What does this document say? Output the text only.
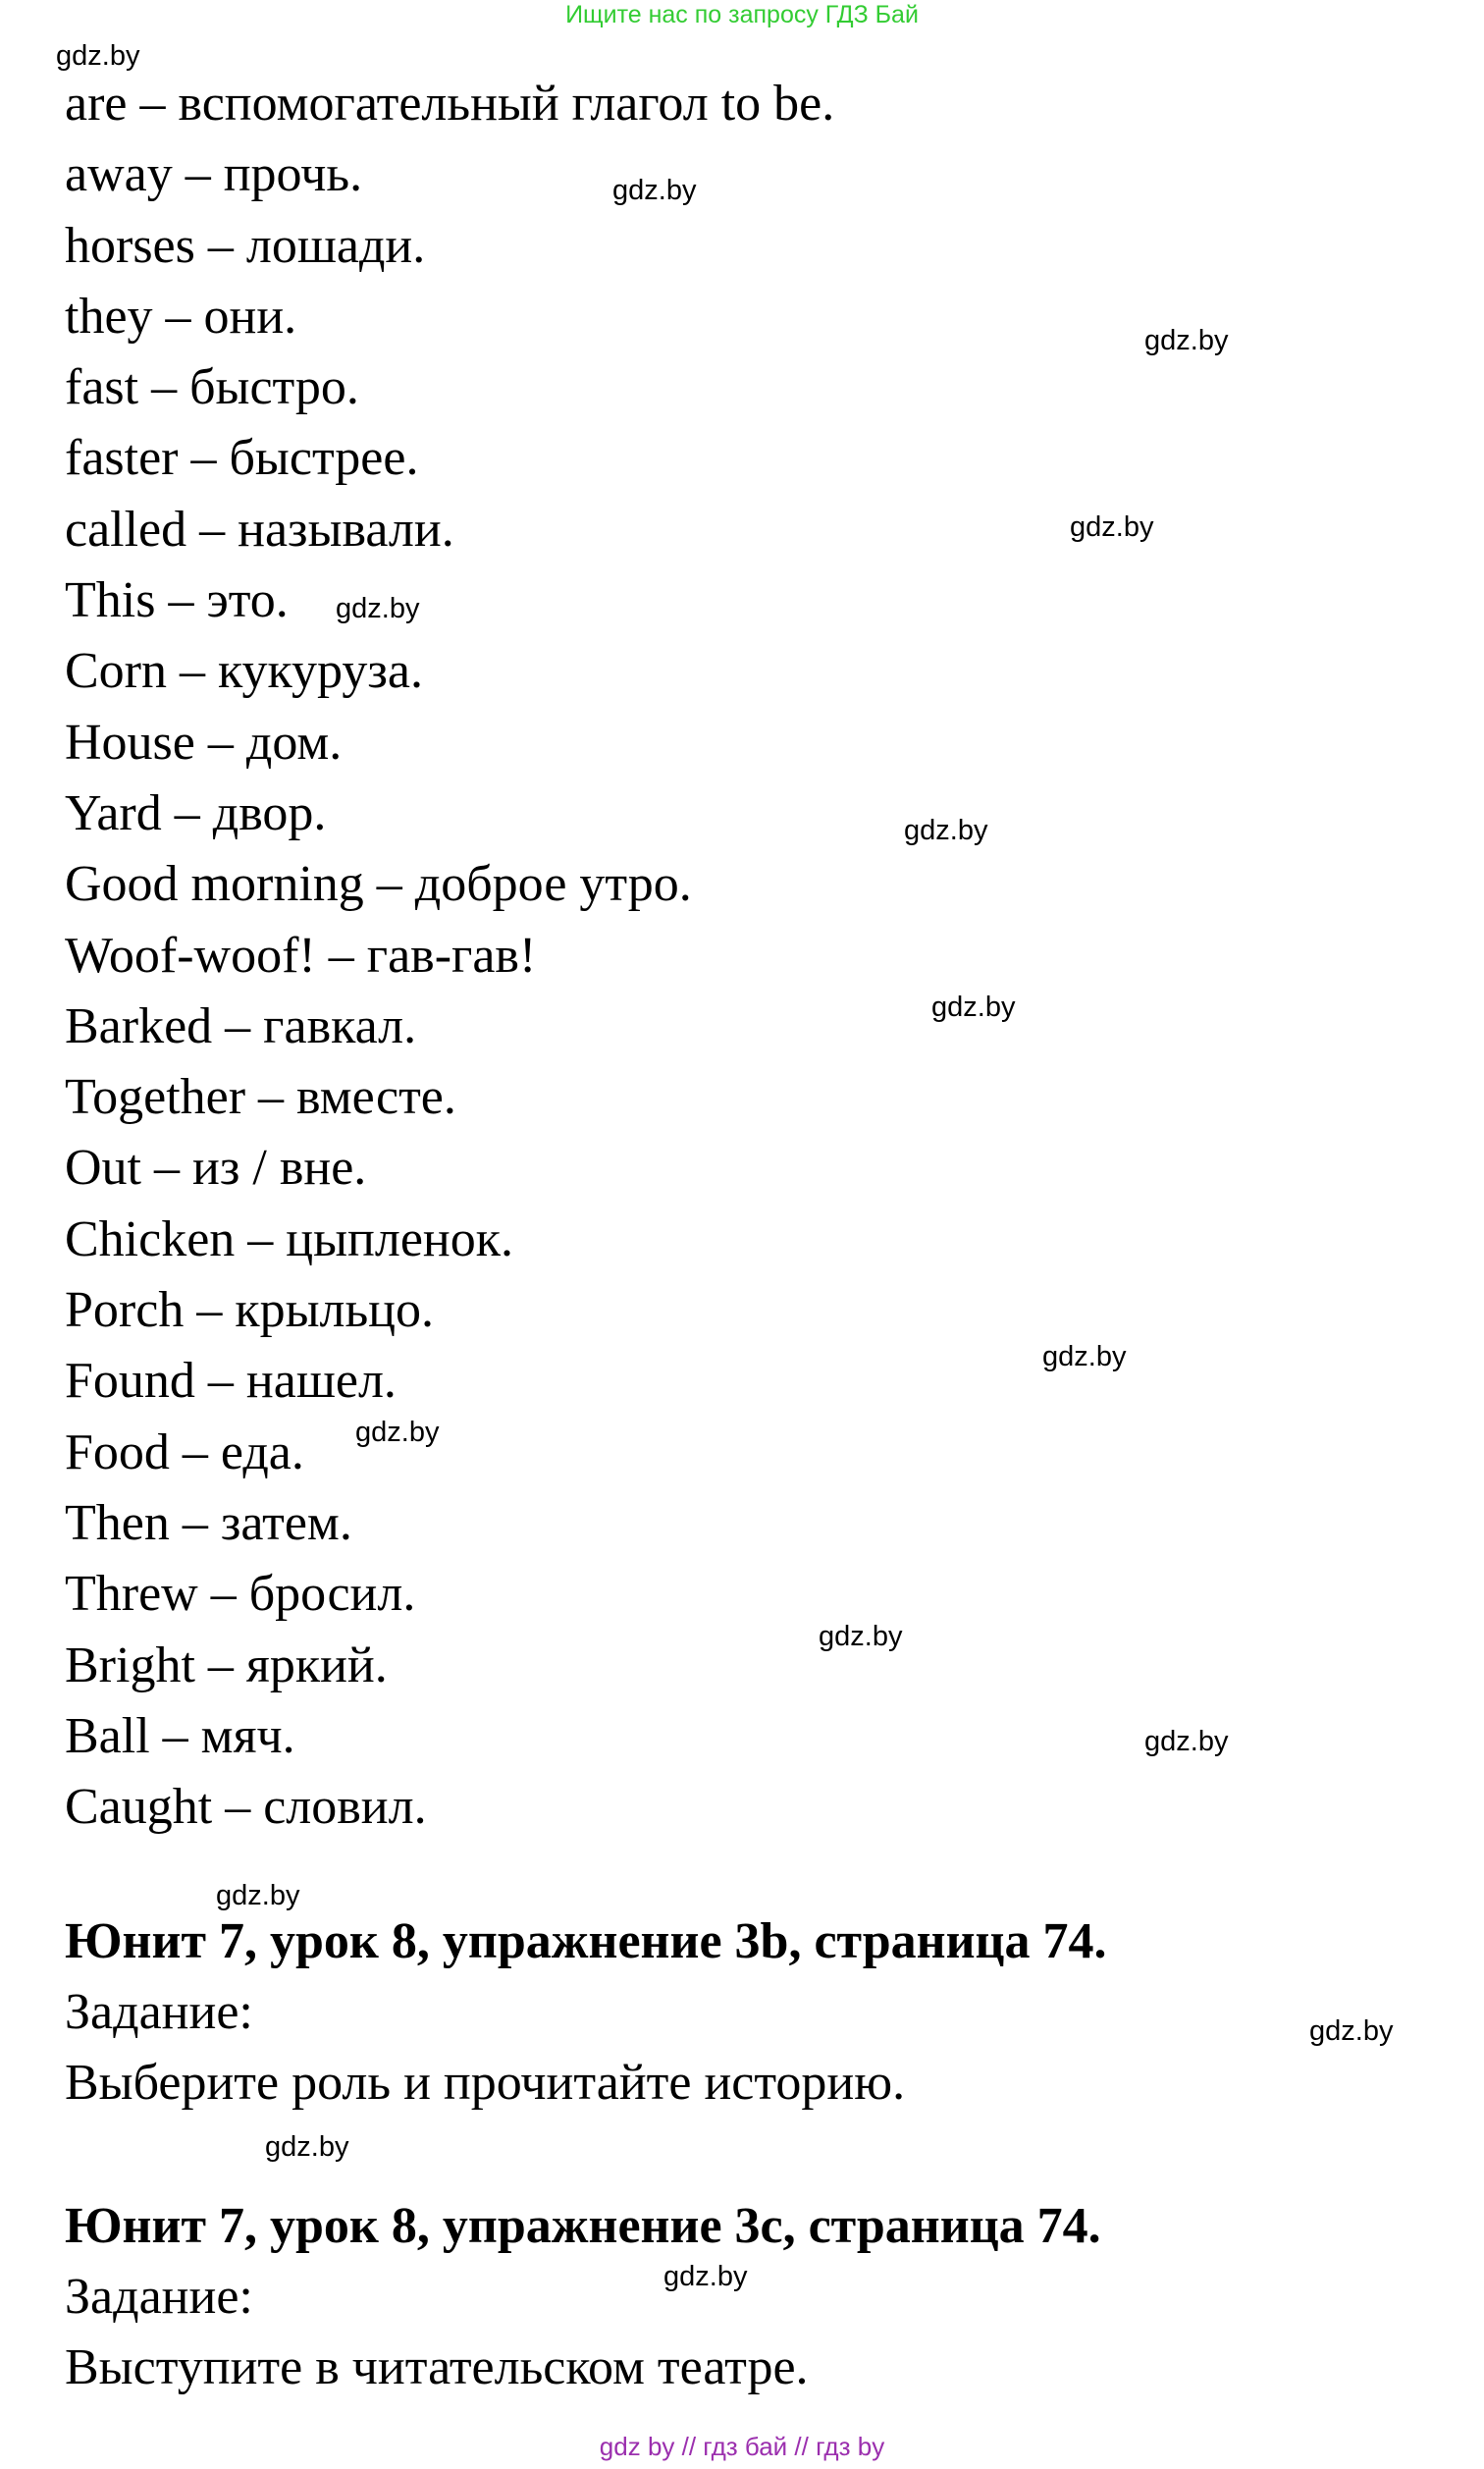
Ищите нас по запросу ГДЗ Бай
are – вспомогательный глагол to be.
away – прочь.
horses – лошади.
they – они.
fast – быстро.
faster – быстрее.
called – называли.
This – это.
Corn – кукуруза.
House – дом.
Yard – двор.
Good morning – доброе утро.
Woof-woof! – гав-гав!
Barked – гавкал.
Together – вместе.
Out – из / вне.
Chicken – цыпленок.
Porch – крыльцо.
Found – нашел.
Food – еда.
Then – затем.
Threw – бросил.
Bright – яркий.
Ball – мяч.
Caught – словил.
Юнит 7, урок 8, упражнение 3b, страница 74.
Задание:
Выберите роль и прочитайте историю.
Юнит 7, урок 8, упражнение 3c, страница 74.
Задание:
Выступите в читательском театре.
gdz.by
gdz.by
gdz.by
gdz.by
gdz.by
gdz.by
gdz.by
gdz.by
gdz.by
gdz.by
gdz.by
gdz.by
gdz.by
gdz.by
gdz.by
gdz by // гдз бай // гдз by
